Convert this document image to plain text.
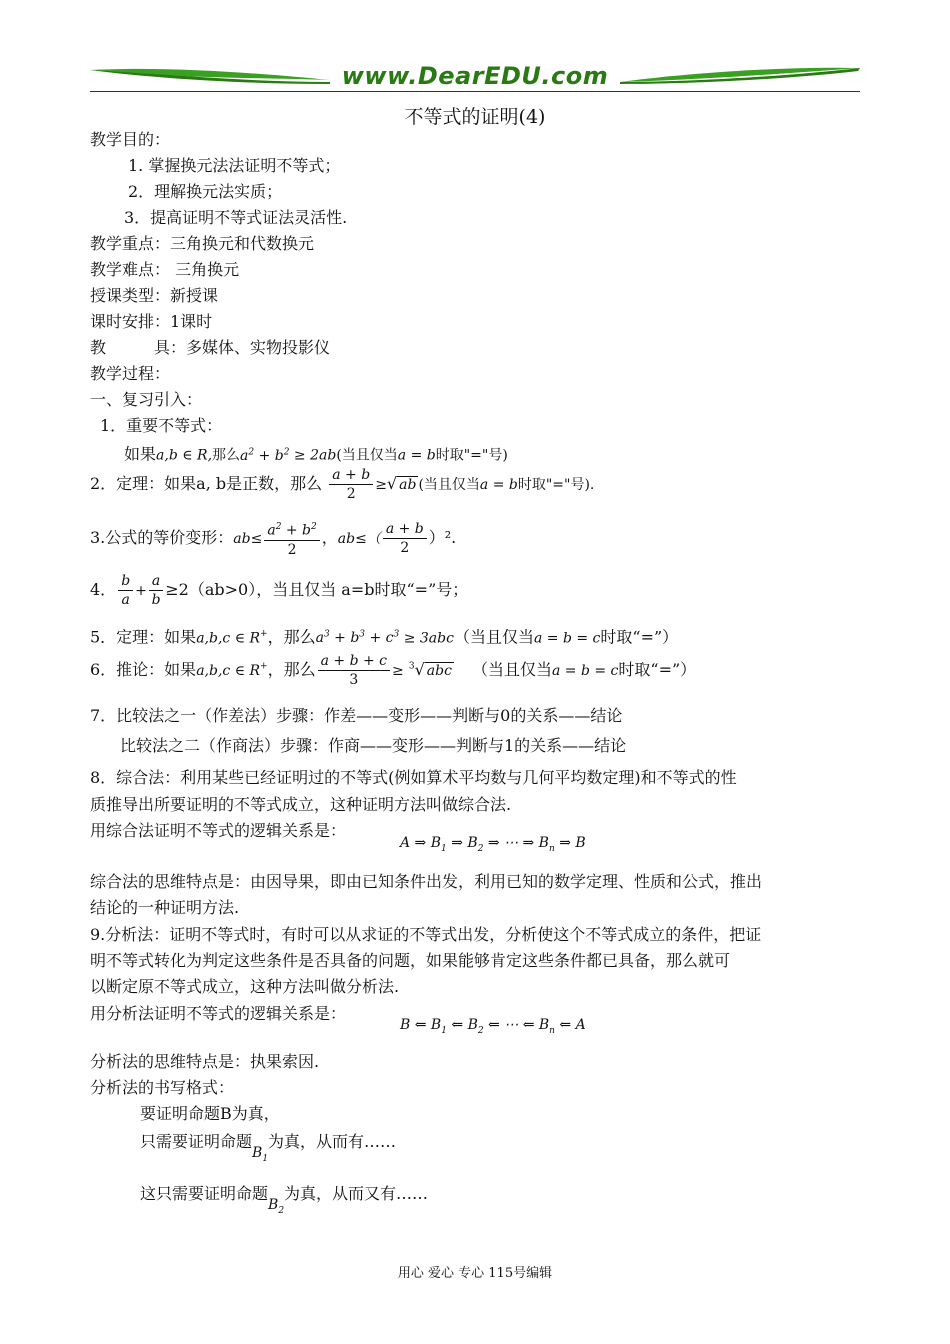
www.DearEDU.com
不等式的证明(4)
教学目的：
1. 掌握换元法法证明不等式；
2．理解换元法实质；
3．提高证明不等式证法灵活性.
教学重点：三角换元和代数换元
教学难点： 三角换元
授课类型：新授课
课时安排：1课时
教	具：多媒体、实物投影仪
教学过程：
一、复习引入：
1．重要不等式：
如果a,b ∈ R,那么$a^2 + b^2 \ge 2ab$(当且仅当a = b时取"="号)
2．定理：如果a, b是正数，那么 $\frac{a + b}{2}$ ≥√ ab (当且仅当a = b时取"="号).
3.公式的等价变形：$ab\le \frac{a^2 + b^2}{2}$ ，$ab\le( \frac{a + b}{2} )^2$.
4． $\frac{b}{a} + \frac{a}{b} \ge 2(ab>0)$，当且仅当 a=b时取“=”号；
5．定理：如果a,b,c ∈ R+，那么$a^3 + b^3 + c^3 \ge 3abc$（当且仅当a = b = c时取“=”）
6．推论：如果a,b,c ∈ R+，那么 $\frac{a + b + c}{3} \ge ^3√$ abc （当且仅当a = b = c时取“=”）
7．比较法之一（作差法）步骤：作差——变形——判断与0的关系——结论
比较法之二（作商法）步骤：作商——变形——判断与1的关系——结论
8．综合法：利用某些已经证明过的不等式(例如算术平均数与几何平均数定理)和不等式的性
质推导出所要证明的不等式成立，这种证明方法叫做综合法.
用综合法证明不等式的逻辑关系是：
A ⇒ $B_1$ ⇒ $B_2$ ⇒ ⋯ ⇒ $B_n$ ⇒ B
综合法的思维特点是：由因导果，即由已知条件出发，利用已知的数学定理、性质和公式，推出
结论的一种证明方法.
9.分析法：证明不等式时，有时可以从求证的不等式出发，分析使这个不等式成立的条件，把证
明不等式转化为判定这些条件是否具备的问题，如果能够肯定这些条件都已具备，那么就可
以断定原不等式成立，这种方法叫做分析法.
用分析法证明不等式的逻辑关系是：
B ⇐ $B_1$ ⇐ $B_2$ ⇐ ⋯ ⇐ $B_n$ ⇐ A
分析法的思维特点是：执果索因.
分析法的书写格式：
要证明命题B为真，
只需要证明命题$B_1$为真，从而有……
这只需要证明命题$B_2$为真，从而又有……
用心 爱心 专心 115号编辑
